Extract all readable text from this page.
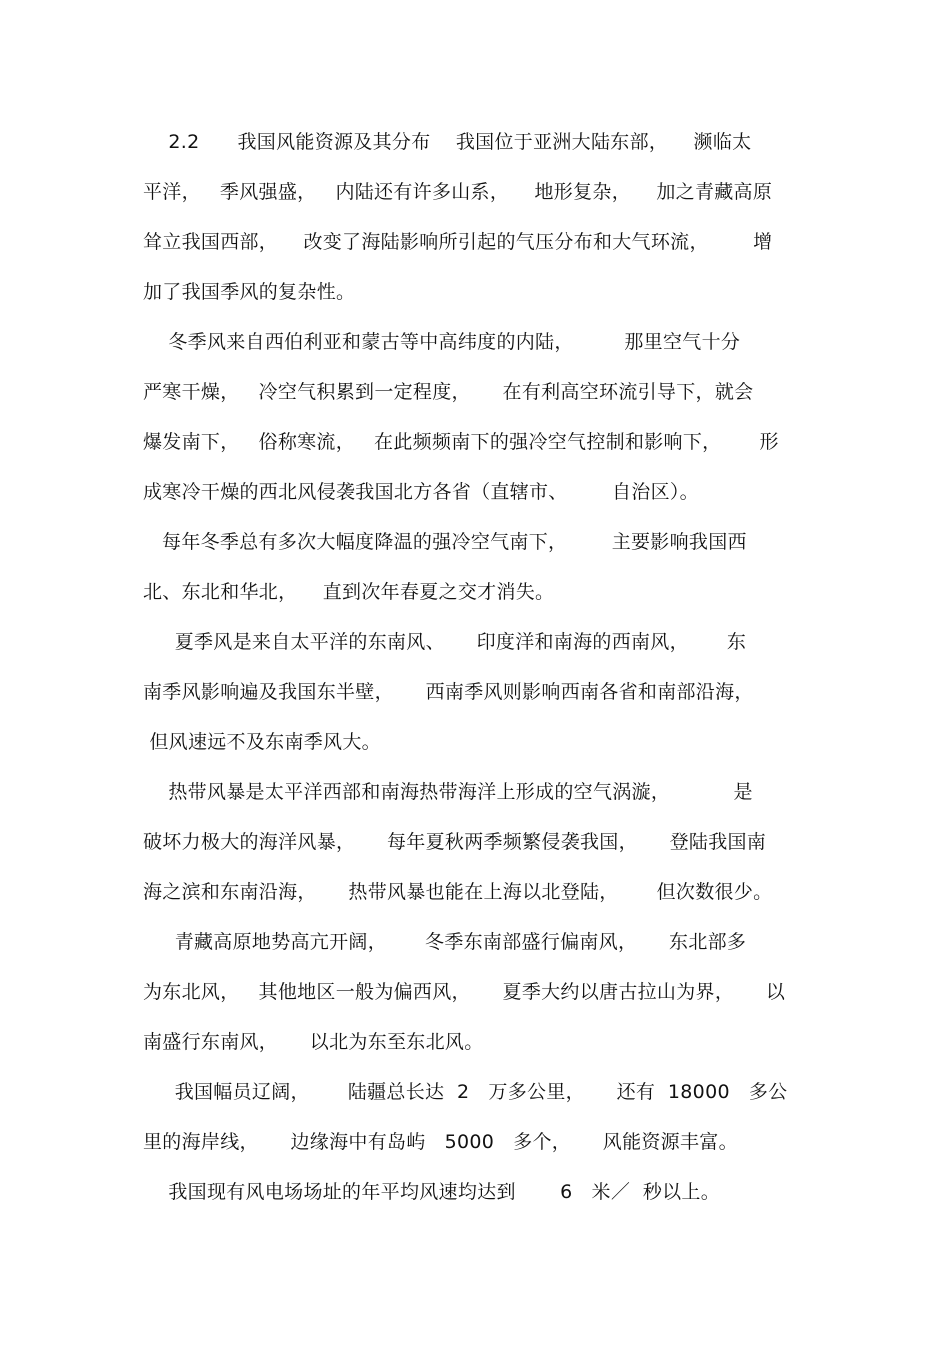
2.2      我国风能资源及其分布    我国位于亚洲大陆东部，    濒临太
平洋，   季风强盛，   内陆还有许多山系，    地形复杂，    加之青藏高原
耸立我国西部，    改变了海陆影响所引起的气压分布和大气环流，       增
加了我国季风的复杂性。
冬季风来自西伯利亚和蒙古等中高纬度的内陆，        那里空气十分
严寒干燥，   冷空气积累到一定程度，     在有利高空环流引导下，就会
爆发南下，   俗称寒流，   在此频频南下的强冷空气控制和影响下，      形
成寒冷干燥的西北风侵袭我国北方各省（直辖市、       自治区）。
每年冬季总有多次大幅度降温的强冷空气南下，       主要影响我国西
北、东北和华北，    直到次年春夏之交才消失。
夏季风是来自太平洋的东南风、     印度洋和南海的西南风，      东
南季风影响遍及我国东半壁，     西南季风则影响西南各省和南部沿海，
但风速远不及东南季风大。
热带风暴是太平洋西部和南海热带海洋上形成的空气涡漩，          是
破坏力极大的海洋风暴，     每年夏秋两季频繁侵袭我国，     登陆我国南
海之滨和东南沿海，     热带风暴也能在上海以北登陆，      但次数很少。
青藏高原地势高亢开阔，      冬季东南部盛行偏南风，     东北部多
为东北风，   其他地区一般为偏西风，     夏季大约以唐古拉山为界，     以
南盛行东南风，     以北为东至东北风。
我国幅员辽阔，      陆疆总长达  2   万多公里，     还有  18000   多公
里的海岸线，     边缘海中有岛屿   5000   多个，     风能资源丰富。
我国现有风电场场址的年平均风速均达到       6   米／  秒以上。
